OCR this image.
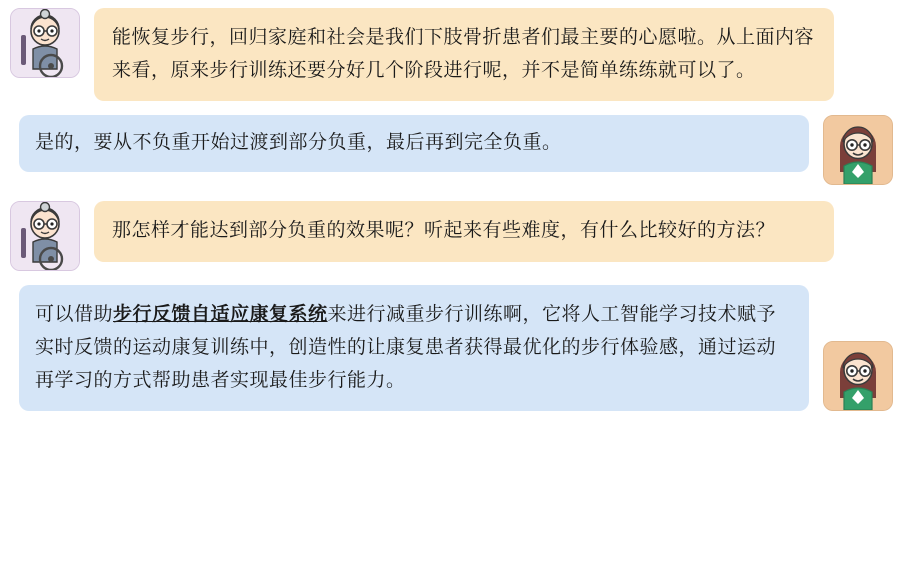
能恢复步行，回归家庭和社会是我们下肢骨折患者们最主要的心愿啦。从上面内容来看，原来步行训练还要分好几个阶段进行呢，并不是简单练练就可以了。
是的，要从不负重开始过渡到部分负重，最后再到完全负重。
那怎样才能达到部分负重的效果呢？听起来有些难度，有什么比较好的方法？
可以借助步行反馈自适应康复系统来进行减重步行训练啊，它将人工智能学习技术赋予实时反馈的运动康复训练中，创造性的让康复患者获得最优化的步行体验感，通过运动再学习的方式帮助患者实现最佳步行能力。
